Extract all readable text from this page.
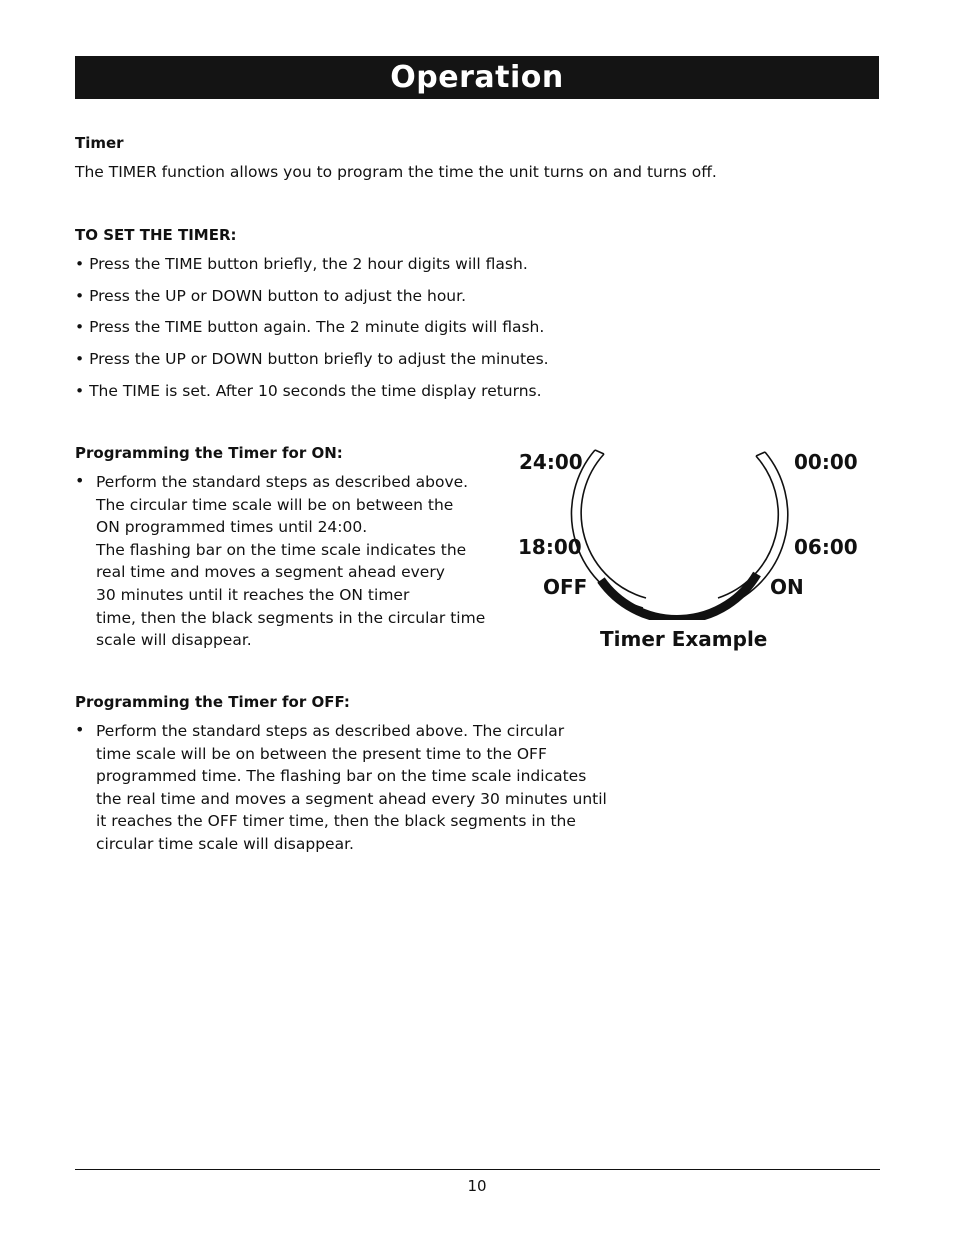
Operation
Timer
The TIMER function allows you to program the time the unit turns on and turns off.
TO SET THE TIMER:
• Press the TIME button briefly, the 2 hour digits will flash.
• Press the UP or DOWN button to adjust the hour.
• Press the TIME button again. The 2 minute digits will flash.
• Press the UP or DOWN button briefly to adjust the minutes.
• The TIME is set. After 10 seconds the time display returns.
Programming the Timer for ON:
• Perform the standard steps as described above.
The circular time scale will be on between the
ON programmed times until 24:00.
The flashing bar on the time scale indicates the
real time and moves a segment ahead every
30 minutes until it reaches the ON timer
time, then the black segments in the circular time
scale will disappear.
24:00	00:00
18:00	06:00
OFF	ON
Timer Example
Programming the Timer for OFF:
• Perform the standard steps as described above. The circular
time scale will be on between the present time to the OFF
programmed time. The flashing bar on the time scale indicates
the real time and moves a segment ahead every 30 minutes until
it reaches the OFF timer time, then the black segments in the
circular time scale will disappear.
10
